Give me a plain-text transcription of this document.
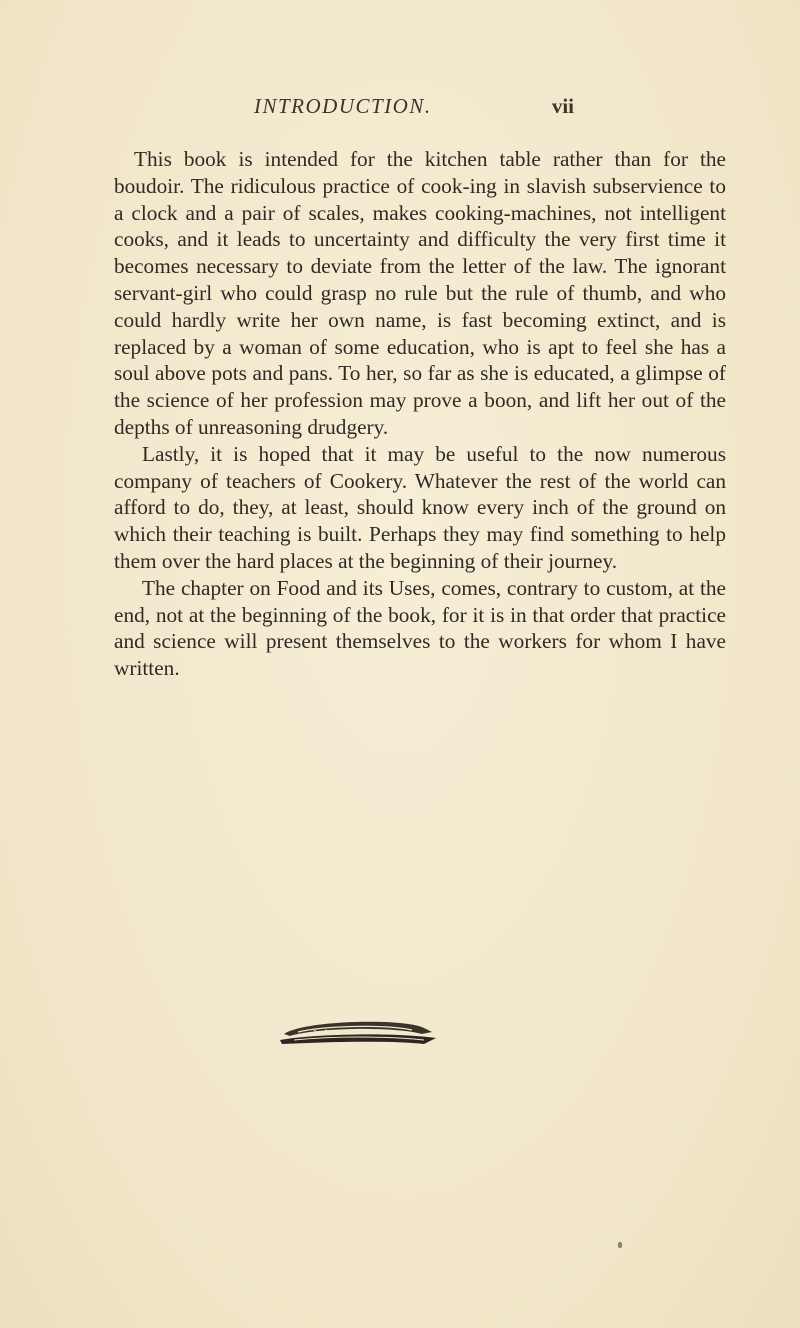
INTRODUCTION.	vii

This book is intended for the kitchen table rather than for the boudoir. The ridiculous practice of cook-ing in slavish subservience to a clock and a pair of scales, makes cooking-machines, not intelligent cooks, and it leads to uncertainty and difficulty the very first time it becomes necessary to deviate from the letter of the law. The ignorant servant-girl who could grasp no rule but the rule of thumb, and who could hardly write her own name, is fast becoming extinct, and is replaced by a woman of some education, who is apt to feel she has a soul above pots and pans. To her, so far as she is educated, a glimpse of the science of her profession may prove a boon, and lift her out of the depths of unreasoning drudgery.

Lastly, it is hoped that it may be useful to the now numerous company of teachers of Cookery. Whatever the rest of the world can afford to do, they, at least, should know every inch of the ground on which their teaching is built. Perhaps they may find something to help them over the hard places at the beginning of their journey.

The chapter on Food and its Uses, comes, contrary to custom, at the end, not at the beginning of the book, for it is in that order that practice and science will present themselves to the workers for whom I have written.
